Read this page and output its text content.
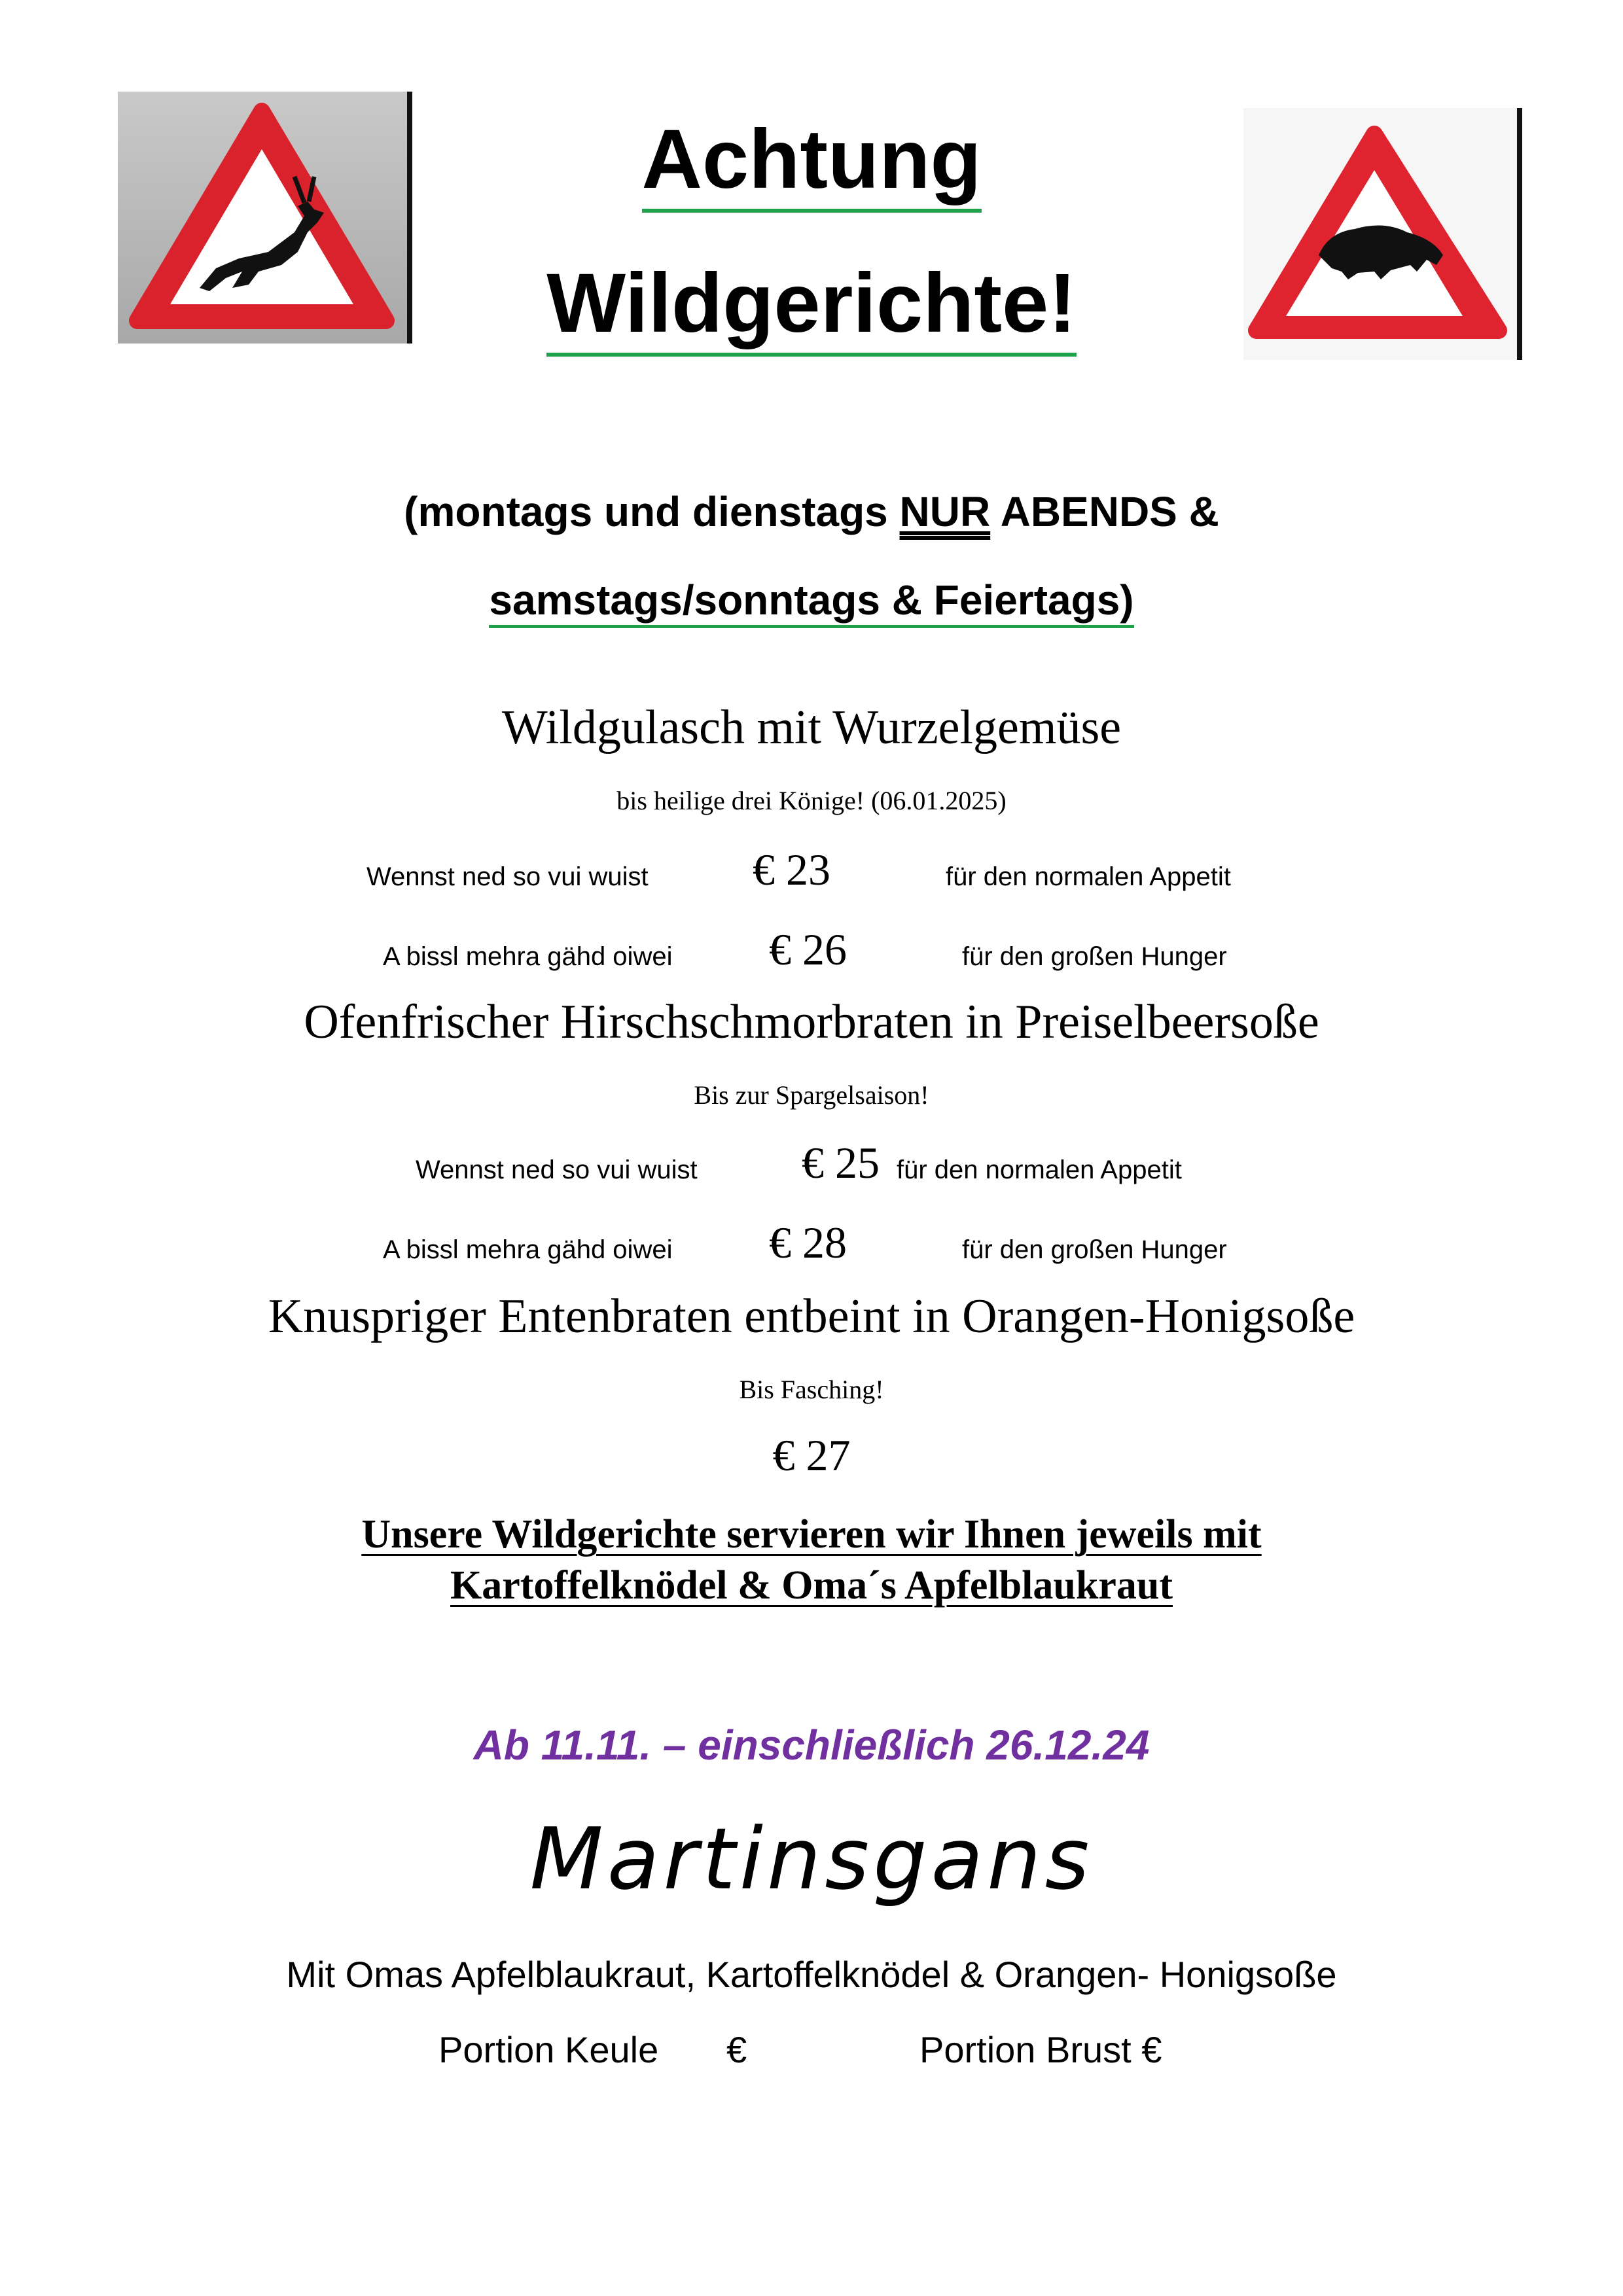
Achtung
Wildgerichte!
(montags und dienstags NUR ABENDS &
samstags/sonntags & Feiertags)
Wildgulasch mit Wurzelgemüse
bis heilige drei Könige! (06.01.2025)
Wennst ned so vui wuist € 23	für den normalen Appetit
A bissl mehra gähd oiwei € 26	für den großen Hunger
Ofenfrischer Hirschschmorbraten in Preiselbeersoße
Bis zur Spargelsaison!
Wennst ned so vui wuist € 25 für den normalen Appetit
A bissl mehra gähd oiwei € 28	für den großen Hunger
Knuspriger Entenbraten entbeint in Orangen-Honigsoße
Bis Fasching!
€ 27
Unsere Wildgerichte servieren wir Ihnen jeweils mit
Kartoffelknödel & Oma´s Apfelblaukraut
Ab 11.11. – einschließlich 26.12.24
Martinsgans
Mit Omas Apfelblaukraut, Kartoffelknödel & Orangen- Honigsoße
Portion Keule €	Portion Brust €
